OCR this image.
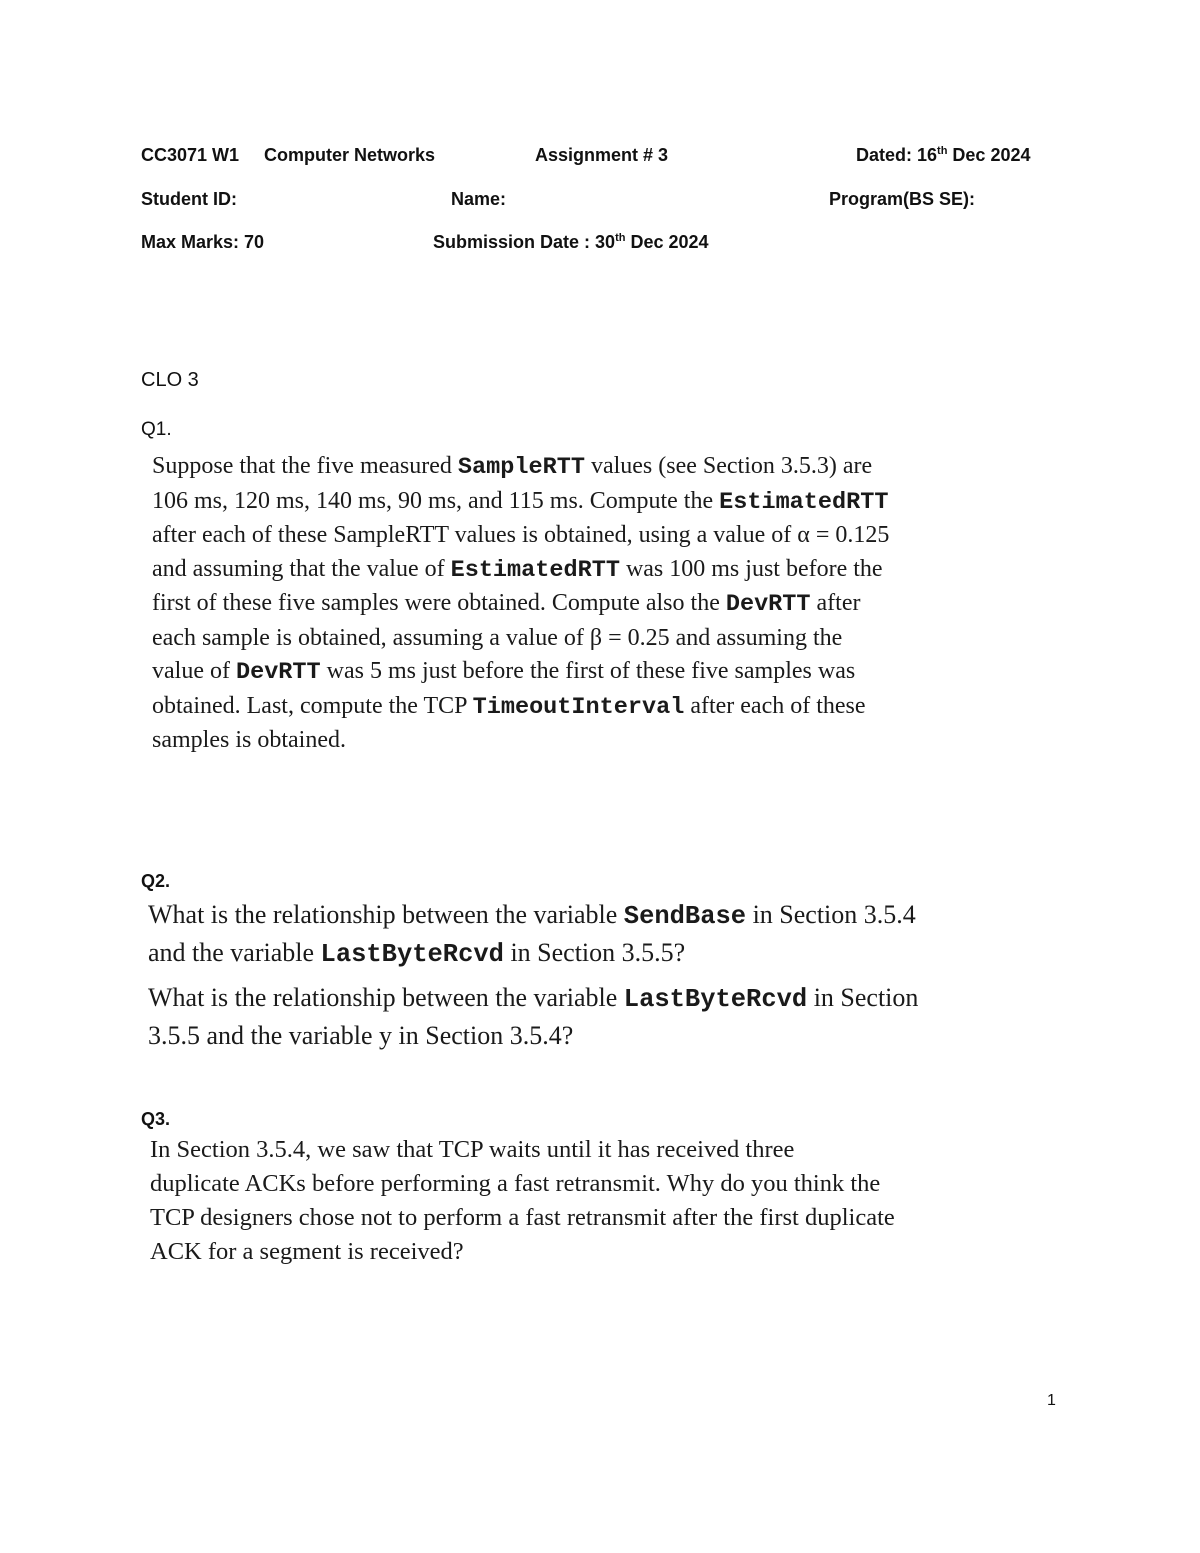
CC3071 W1 Computer Networks	Assignment # 3	Dated: 16th Dec 2024
Student ID:	Name:	Program(BS SE):
Max Marks: 70	Submission Date : 30th Dec 2024
CLO 3
Q1.
Suppose that the five measured SampleRTT values (see Section 3.5.3) are
106 ms, 120 ms, 140 ms, 90 ms, and 115 ms. Compute the EstimatedRTT
after each of these SampleRTT values is obtained, using a value of α = 0.125
and assuming that the value of EstimatedRTT was 100 ms just before the
first of these five samples were obtained. Compute also the DevRTT after
each sample is obtained, assuming a value of β = 0.25 and assuming the
value of DevRTT was 5 ms just before the first of these five samples was
obtained. Last, compute the TCP TimeoutInterval after each of these
samples is obtained.
Q2.
What is the relationship between the variable SendBase in Section 3.5.4
and the variable LastByteRcvd in Section 3.5.5?
What is the relationship between the variable LastByteRcvd in Section
3.5.5 and the variable y in Section 3.5.4?
Q3.
In Section 3.5.4, we saw that TCP waits until it has received three
duplicate ACKs before performing a fast retransmit. Why do you think the
TCP designers chose not to perform a fast retransmit after the first duplicate
ACK for a segment is received?
1
